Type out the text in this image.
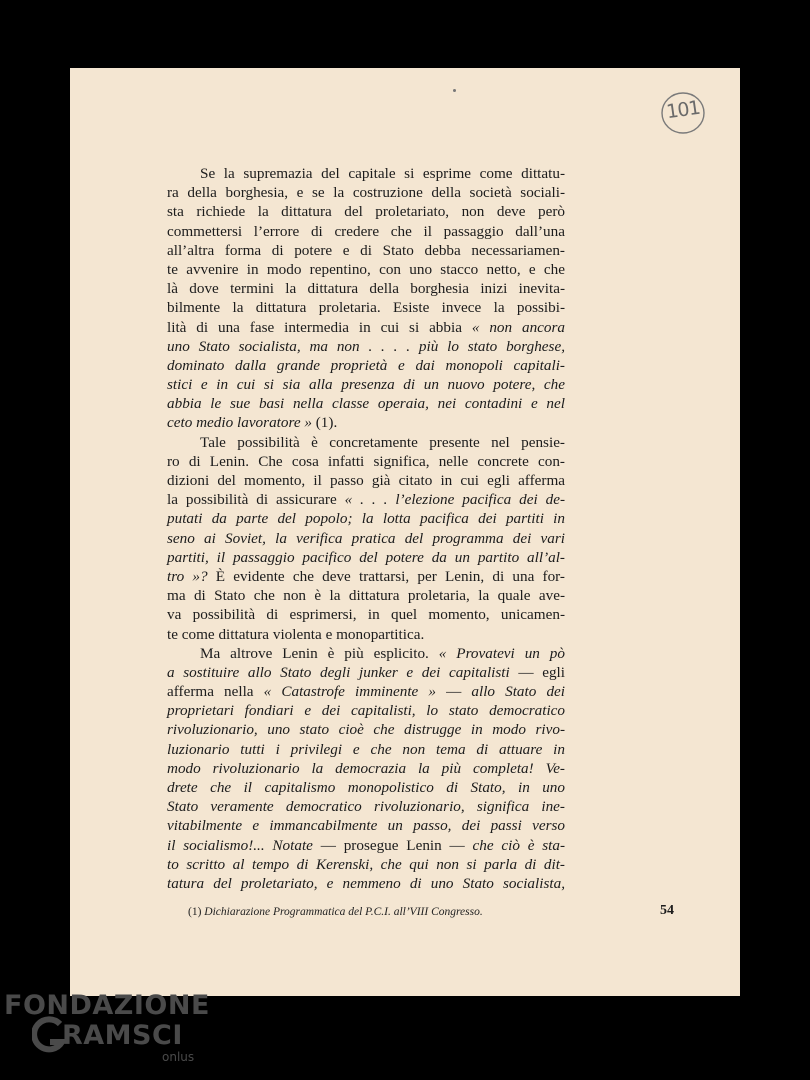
101
Se la supremazia del capitale si esprime come dittatu-
ra della borghesia, e se la costruzione della società sociali-
sta richiede la dittatura del proletariato, non deve però
commettersi l’errore di credere che il passaggio dall’una
all’altra forma di potere e di Stato debba necessariamen-
te avvenire in modo repentino, con uno stacco netto, e che
là dove termini la dittatura della borghesia inizi inevita-
bilmente la dittatura proletaria. Esiste invece la possibi-
lità di una fase intermedia in cui si abbia « non ancora
uno Stato socialista, ma non . . . . più lo stato borghese,
dominato dalla grande proprietà e dai monopoli capitali-
stici e in cui si sia alla presenza di un nuovo potere, che
abbia le sue basi nella classe operaia, nei contadini e nel
ceto medio lavoratore » (1).
Tale possibilità è concretamente presente nel pensie-
ro di Lenin. Che cosa infatti significa, nelle concrete con-
dizioni del momento, il passo già citato in cui egli afferma
la possibilità di assicurare « . . . l’elezione pacifica dei de-
putati da parte del popolo; la lotta pacifica dei partiti in
seno ai Soviet, la verifica pratica del programma dei vari
partiti, il passaggio pacifico del potere da un partito all’al-
tro »? È evidente che deve trattarsi, per Lenin, di una for-
ma di Stato che non è la dittatura proletaria, la quale ave-
va possibilità di esprimersi, in quel momento, unicamen-
te come dittatura violenta e monopartitica.
Ma altrove Lenin è più esplicito. « Provatevi un pò
a sostituire allo Stato degli junker e dei capitalisti — egli
afferma nella « Catastrofe imminente » — allo Stato dei
proprietari fondiari e dei capitalisti, lo stato democratico
rivoluzionario, uno stato cioè che distrugge in modo rivo-
luzionario tutti i privilegi e che non tema di attuare in
modo rivoluzionario la democrazia la più completa! Ve-
drete che il capitalismo monopolistico di Stato, in uno
Stato veramente democratico rivoluzionario, significa ine-
vitabilmente e immancabilmente un passo, dei passi verso
il socialismo!... Notate — prosegue Lenin — che ciò è sta-
to scritto al tempo di Kerenski, che qui non si parla di dit-
tatura del proletariato, e nemmeno di uno Stato socialista,
(1) Dichiarazione Programmatica del P.C.I. all’VIII Congresso.	54
FONDAZIONE
RAMSCI
onlus
